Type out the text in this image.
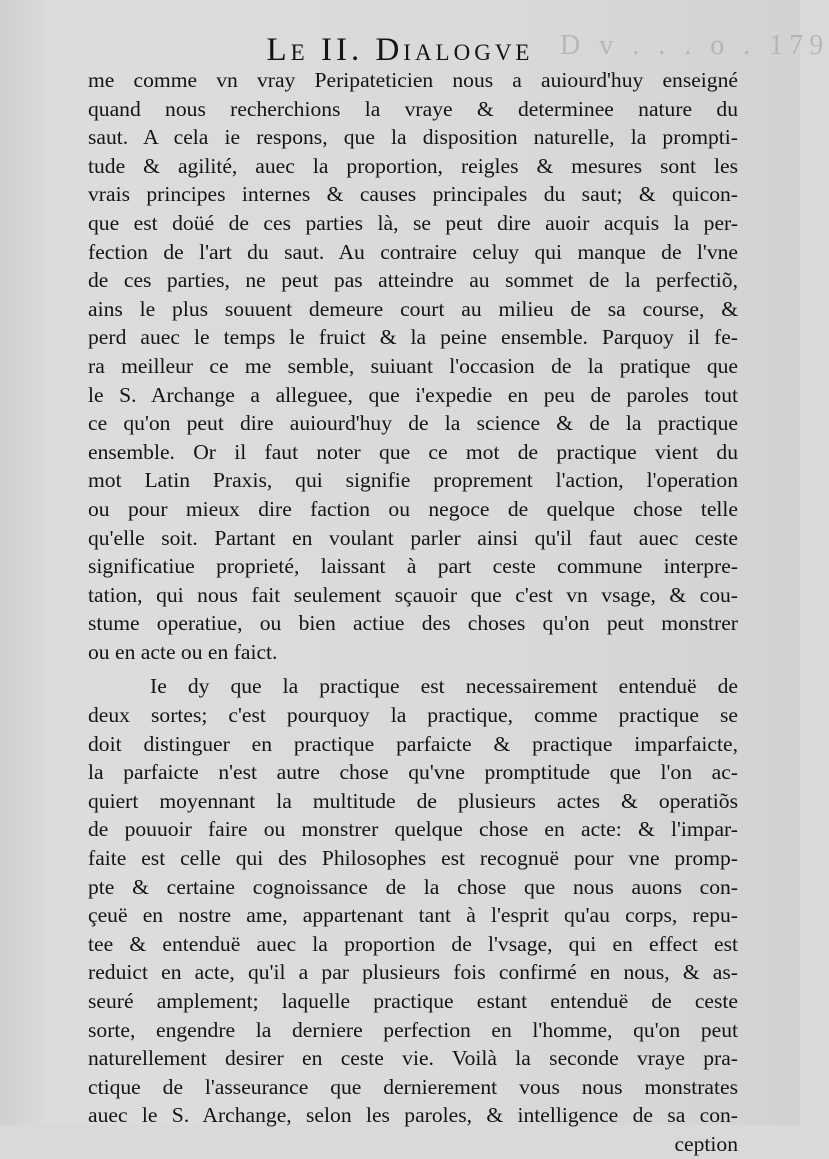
D v . . . o . 179
Le II. Dialogve
me comme vn vray Peripateticien nous a auiourd'huy enseigné
quand nous recherchions la vraye & determinee nature du
saut. A cela ie respons, que la disposition naturelle, la prompti-
tude & agilité, auec la proportion, reigles & mesures sont les
vrais principes internes & causes principales du saut; & quicon-
que est doüé de ces parties là, se peut dire auoir acquis la per-
fection de l'art du saut. Au contraire celuy qui manque de l'vne
de ces parties, ne peut pas atteindre au sommet de la perfectiõ,
ains le plus souuent demeure court au milieu de sa course, &
perd auec le temps le fruict & la peine ensemble. Parquoy il fe-
ra meilleur ce me semble, suiuant l'occasion de la pratique que
le S. Archange a alleguee, que i'expedie en peu de paroles tout
ce qu'on peut dire auiourd'huy de la science & de la practique
ensemble. Or il faut noter que ce mot de practique vient du
mot Latin Praxis, qui signifie proprement l'action, l'operation
ou pour mieux dire faction ou negoce de quelque chose telle
qu'elle soit. Partant en voulant parler ainsi qu'il faut auec ceste
significatiue proprieté, laissant à part ceste commune interpre-
tation, qui nous fait seulement sçauoir que c'est vn vsage, & cou-
stume operatiue, ou bien actiue des choses qu'on peut monstrer
ou en acte ou en faict.
Ie dy que la practique est necessairement entenduë de
deux sortes; c'est pourquoy la practique, comme practique se
doit distinguer en practique parfaicte & practique imparfaicte,
la parfaicte n'est autre chose qu'vne promptitude que l'on ac-
quiert moyennant la multitude de plusieurs actes & operatiõs
de pouuoir faire ou monstrer quelque chose en acte: & l'impar-
faite est celle qui des Philosophes est recognuë pour vne promp-
pte & certaine cognoissance de la chose que nous auons con-
çeuë en nostre ame, appartenant tant à l'esprit qu'au corps, repu-
tee & entenduë auec la proportion de l'vsage, qui en effect est
reduict en acte, qu'il a par plusieurs fois confirmé en nous, & as-
seuré amplement; laquelle practique estant entenduë de ceste
sorte, engendre la derniere perfection en l'homme, qu'on peut
naturellement desirer en ceste vie. Voilà la seconde vraye pra-
ctique de l'asseurance que dernierement vous nous monstrates
auec le S. Archange, selon les paroles, & intelligence de sa con-
ception
